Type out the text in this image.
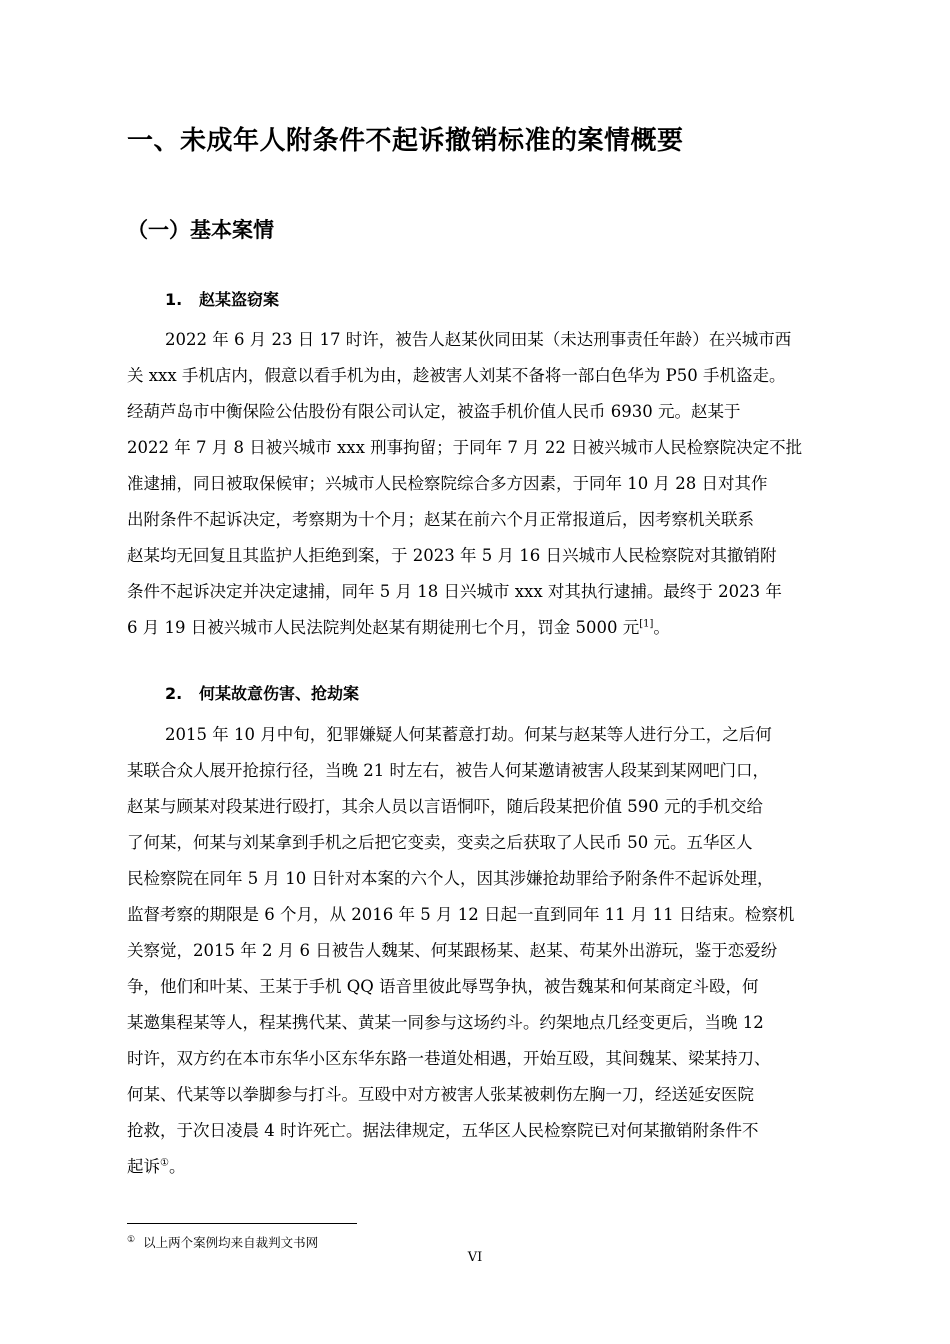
一、未成年人附条件不起诉撤销标准的案情概要
（一）基本案情
1. 赵某盗窃案
2022 年 6 月 23 日 17 时许，被告人赵某伙同田某（未达刑事责任年龄）在兴城市西
关 xxx 手机店内，假意以看手机为由，趁被害人刘某不备将一部白色华为 P50 手机盗走。
经葫芦岛市中衡保险公估股份有限公司认定，被盗手机价值人民币 6930 元。赵某于
2022 年 7 月 8 日被兴城市 xxx 刑事拘留；于同年 7 月 22 日被兴城市人民检察院决定不批
准逮捕，同日被取保候审；兴城市人民检察院综合多方因素，于同年 10 月 28 日对其作
出附条件不起诉决定，考察期为十个月；赵某在前六个月正常报道后，因考察机关联系
赵某均无回复且其监护人拒绝到案，于 2023 年 5 月 16 日兴城市人民检察院对其撤销附
条件不起诉决定并决定逮捕，同年 5 月 18 日兴城市 xxx 对其执行逮捕。最终于 2023 年
6 月 19 日被兴城市人民法院判处赵某有期徒刑七个月，罚金 5000 元[1]。
2. 何某故意伤害、抢劫案
2015 年 10 月中旬，犯罪嫌疑人何某蓄意打劫。何某与赵某等人进行分工，之后何
某联合众人展开抢掠行径，当晚 21 时左右，被告人何某邀请被害人段某到某网吧门口，
赵某与顾某对段某进行殴打，其余人员以言语恫吓，随后段某把价值 590 元的手机交给
了何某，何某与刘某拿到手机之后把它变卖，变卖之后获取了人民币 50 元。五华区人
民检察院在同年 5 月 10 日针对本案的六个人，因其涉嫌抢劫罪给予附条件不起诉处理，
监督考察的期限是 6 个月，从 2016 年 5 月 12 日起一直到同年 11 月 11 日结束。检察机
关察觉，2015 年 2 月 6 日被告人魏某、何某跟杨某、赵某、苟某外出游玩，鉴于恋爱纷
争，他们和叶某、王某于手机 QQ 语音里彼此辱骂争执，被告魏某和何某商定斗殴，何
某邀集程某等人，程某携代某、黄某一同参与这场约斗。约架地点几经变更后，当晚 12
时许，双方约在本市东华小区东华东路一巷道处相遇，开始互殴，其间魏某、梁某持刀、
何某、代某等以拳脚参与打斗。互殴中对方被害人张某被刺伤左胸一刀，经送延安医院
抢救，于次日凌晨 4 时许死亡。据法律规定，五华区人民检察院已对何某撤销附条件不
起诉①。
① 以上两个案例均来自裁判文书网
VI
